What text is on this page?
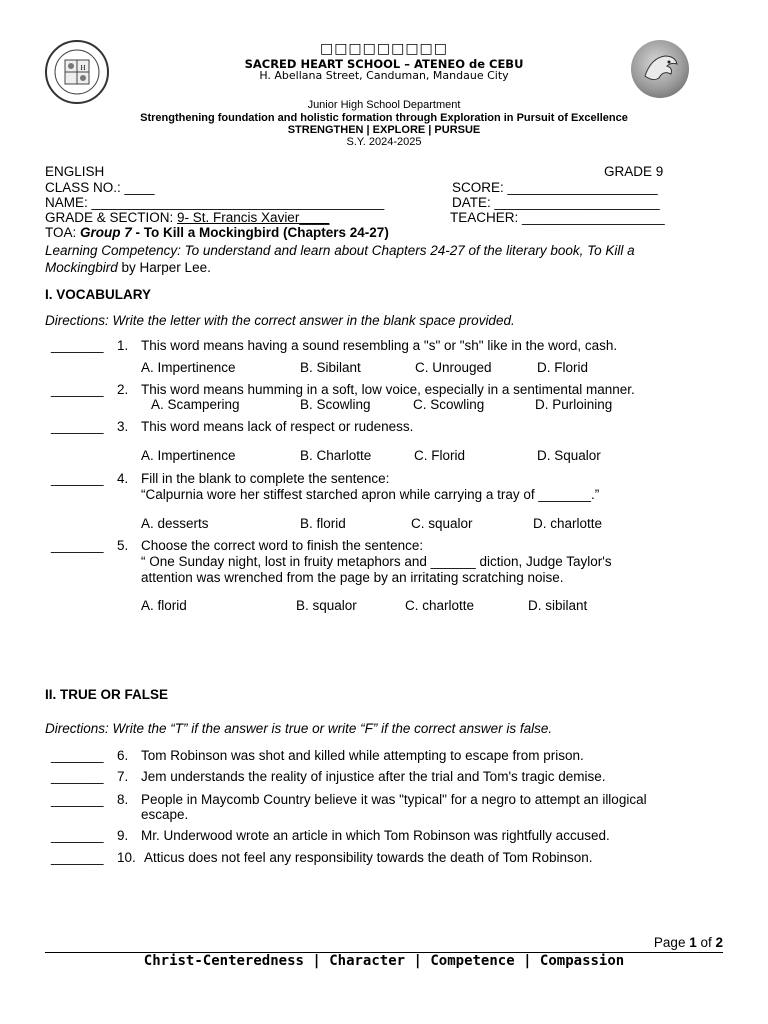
H
□□□□□□□□□
SACRED HEART SCHOOL – ATENEO de CEBU
H. Abellana Street, Canduman, Mandaue City
Junior High School Department
Strengthening foundation and holistic formation through Exploration in Pursuit of Excellence
STRENGTHEN | EXPLORE | PURSUE
S.Y. 2024-2025
ENGLISH	GRADE 9
CLASS NO.: ____	SCORE: ____________________
NAME: _______________________________________	DATE: ______________________
GRADE & SECTION: 9- St. Francis Xavier____	TEACHER: ___________________
TOA: Group 7 - To Kill a Mockingbird (Chapters 24-27)
Learning Competency: To understand and learn about Chapters 24-27 of the literary book, To Kill a
Mockingbird by Harper Lee.
I. VOCABULARY
Directions: Write the letter with the correct answer in the blank space provided.
_______ 1. This word means having a sound resembling a "s" or "sh" like in the word, cash.
A. Impertinence	B. Sibilant	C. Unrouged	D. Florid
_______ 2. This word means humming in a soft, low voice, especially in a sentimental manner.
A. Scampering	B. Scowling	C. Scowling	D. Purloining
_______ 3. This word means lack of respect or rudeness.
A. Impertinence	B. Charlotte	C. Florid	D. Squalor
_______ 4. Fill in the blank to complete the sentence:
“Calpurnia wore her stiffest starched apron while carrying a tray of _______.”
A. desserts	B. florid	C. squalor	D. charlotte
_______ 5. Choose the correct word to finish the sentence:
“ One Sunday night, lost in fruity metaphors and ______ diction, Judge Taylor's
attention was wrenched from the page by an irritating scratching noise.
A. florid	B. squalor	C. charlotte	D. sibilant
II. TRUE OR FALSE
Directions: Write the “T” if the answer is true or write “F” if the correct answer is false.
_______ 6. Tom Robinson was shot and killed while attempting to escape from prison.
_______ 7. Jem understands the reality of injustice after the trial and Tom's tragic demise.
_______ 8. People in Maycomb Country believe it was "typical" for a negro to attempt an illogical
escape.
_______ 9. Mr. Underwood wrote an article in which Tom Robinson was rightfully accused.
_______ 10. Atticus does not feel any responsibility towards the death of Tom Robinson.
Page 1 of 2
Christ-Centeredness | Character | Competence | Compassion
